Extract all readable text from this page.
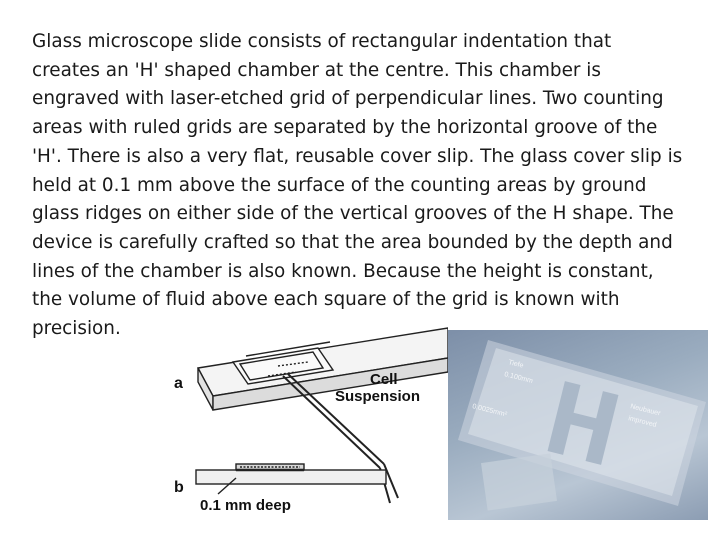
Glass microscope slide consists of rectangular indentation that
creates an 'H' shaped chamber at the centre. This chamber is
engraved with laser-etched grid of perpendicular lines. Two counting
areas with ruled grids are separated by the horizontal groove of the
'H'. There is also a very flat, reusable cover slip. The glass cover slip is
held at 0.1 mm above the surface of the counting areas by ground
glass ridges on either side of the vertical grooves of the H shape. The
device is carefully crafted so that the area bounded by the depth and
lines of the chamber is also known. Because the height is constant,
the volume of fluid above each square of the grid is known with
precision.

a
b
Cell
Suspension
0.1 mm deep
Tiefe
0.100mm
0.0025mm²	Neubauer
improved
